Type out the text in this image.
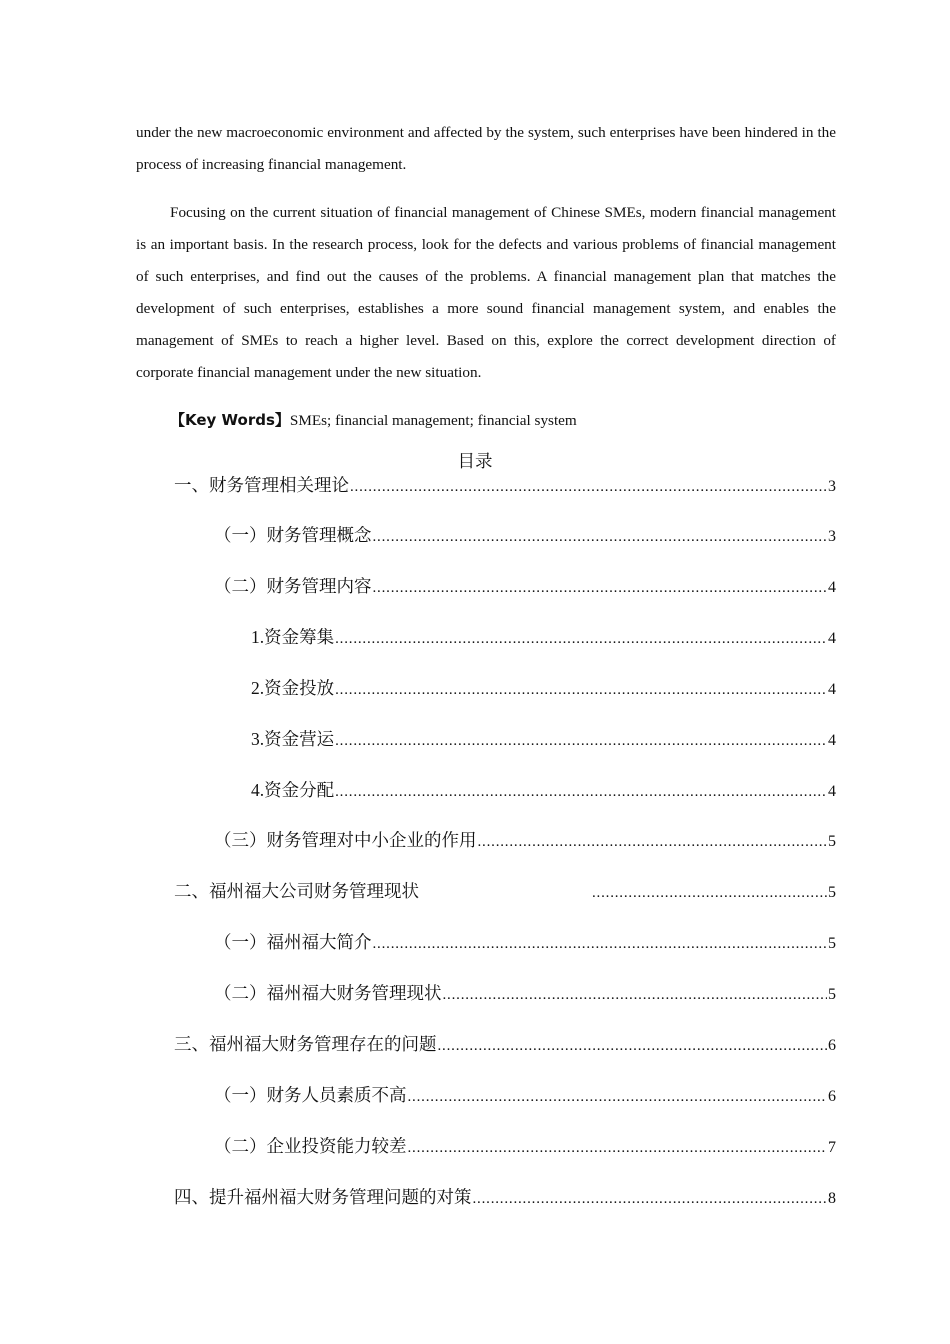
under the new macroeconomic environment and affected by the system, such enterprises have been hindered in the process of increasing financial management.

Focusing on the current situation of financial management of Chinese SMEs, modern financial management is an important basis. In the research process, look for the defects and various problems of financial management of such enterprises, and find out the causes of the problems. A financial management plan that matches the development of such enterprises, establishes a more sound financial management system, and enables the management of SMEs to reach a higher level. Based on this, explore the correct development direction of corporate financial management under the new situation.

【Key Words】SMEs; financial management; financial system

目录
一、财务管理相关理论 .....	3
（一）财务管理概念 .....	3
（二）财务管理内容 .....	4
1.资金筹集 .....	4
2.资金投放 .....	4
3.资金营运 .....	4
4.资金分配 .....	4
（三）财务管理对中小企业的作用 .....	5
二、福州福大公司财务管理现状 .....	5
（一）福州福大简介 .....	5
（二）福州福大财务管理现状 .....	5
三、福州福大财务管理存在的问题 .....	6
（一）财务人员素质不高 .....	6
（二）企业投资能力较差 .....	7
四、提升福州福大财务管理问题的对策 .....	8
